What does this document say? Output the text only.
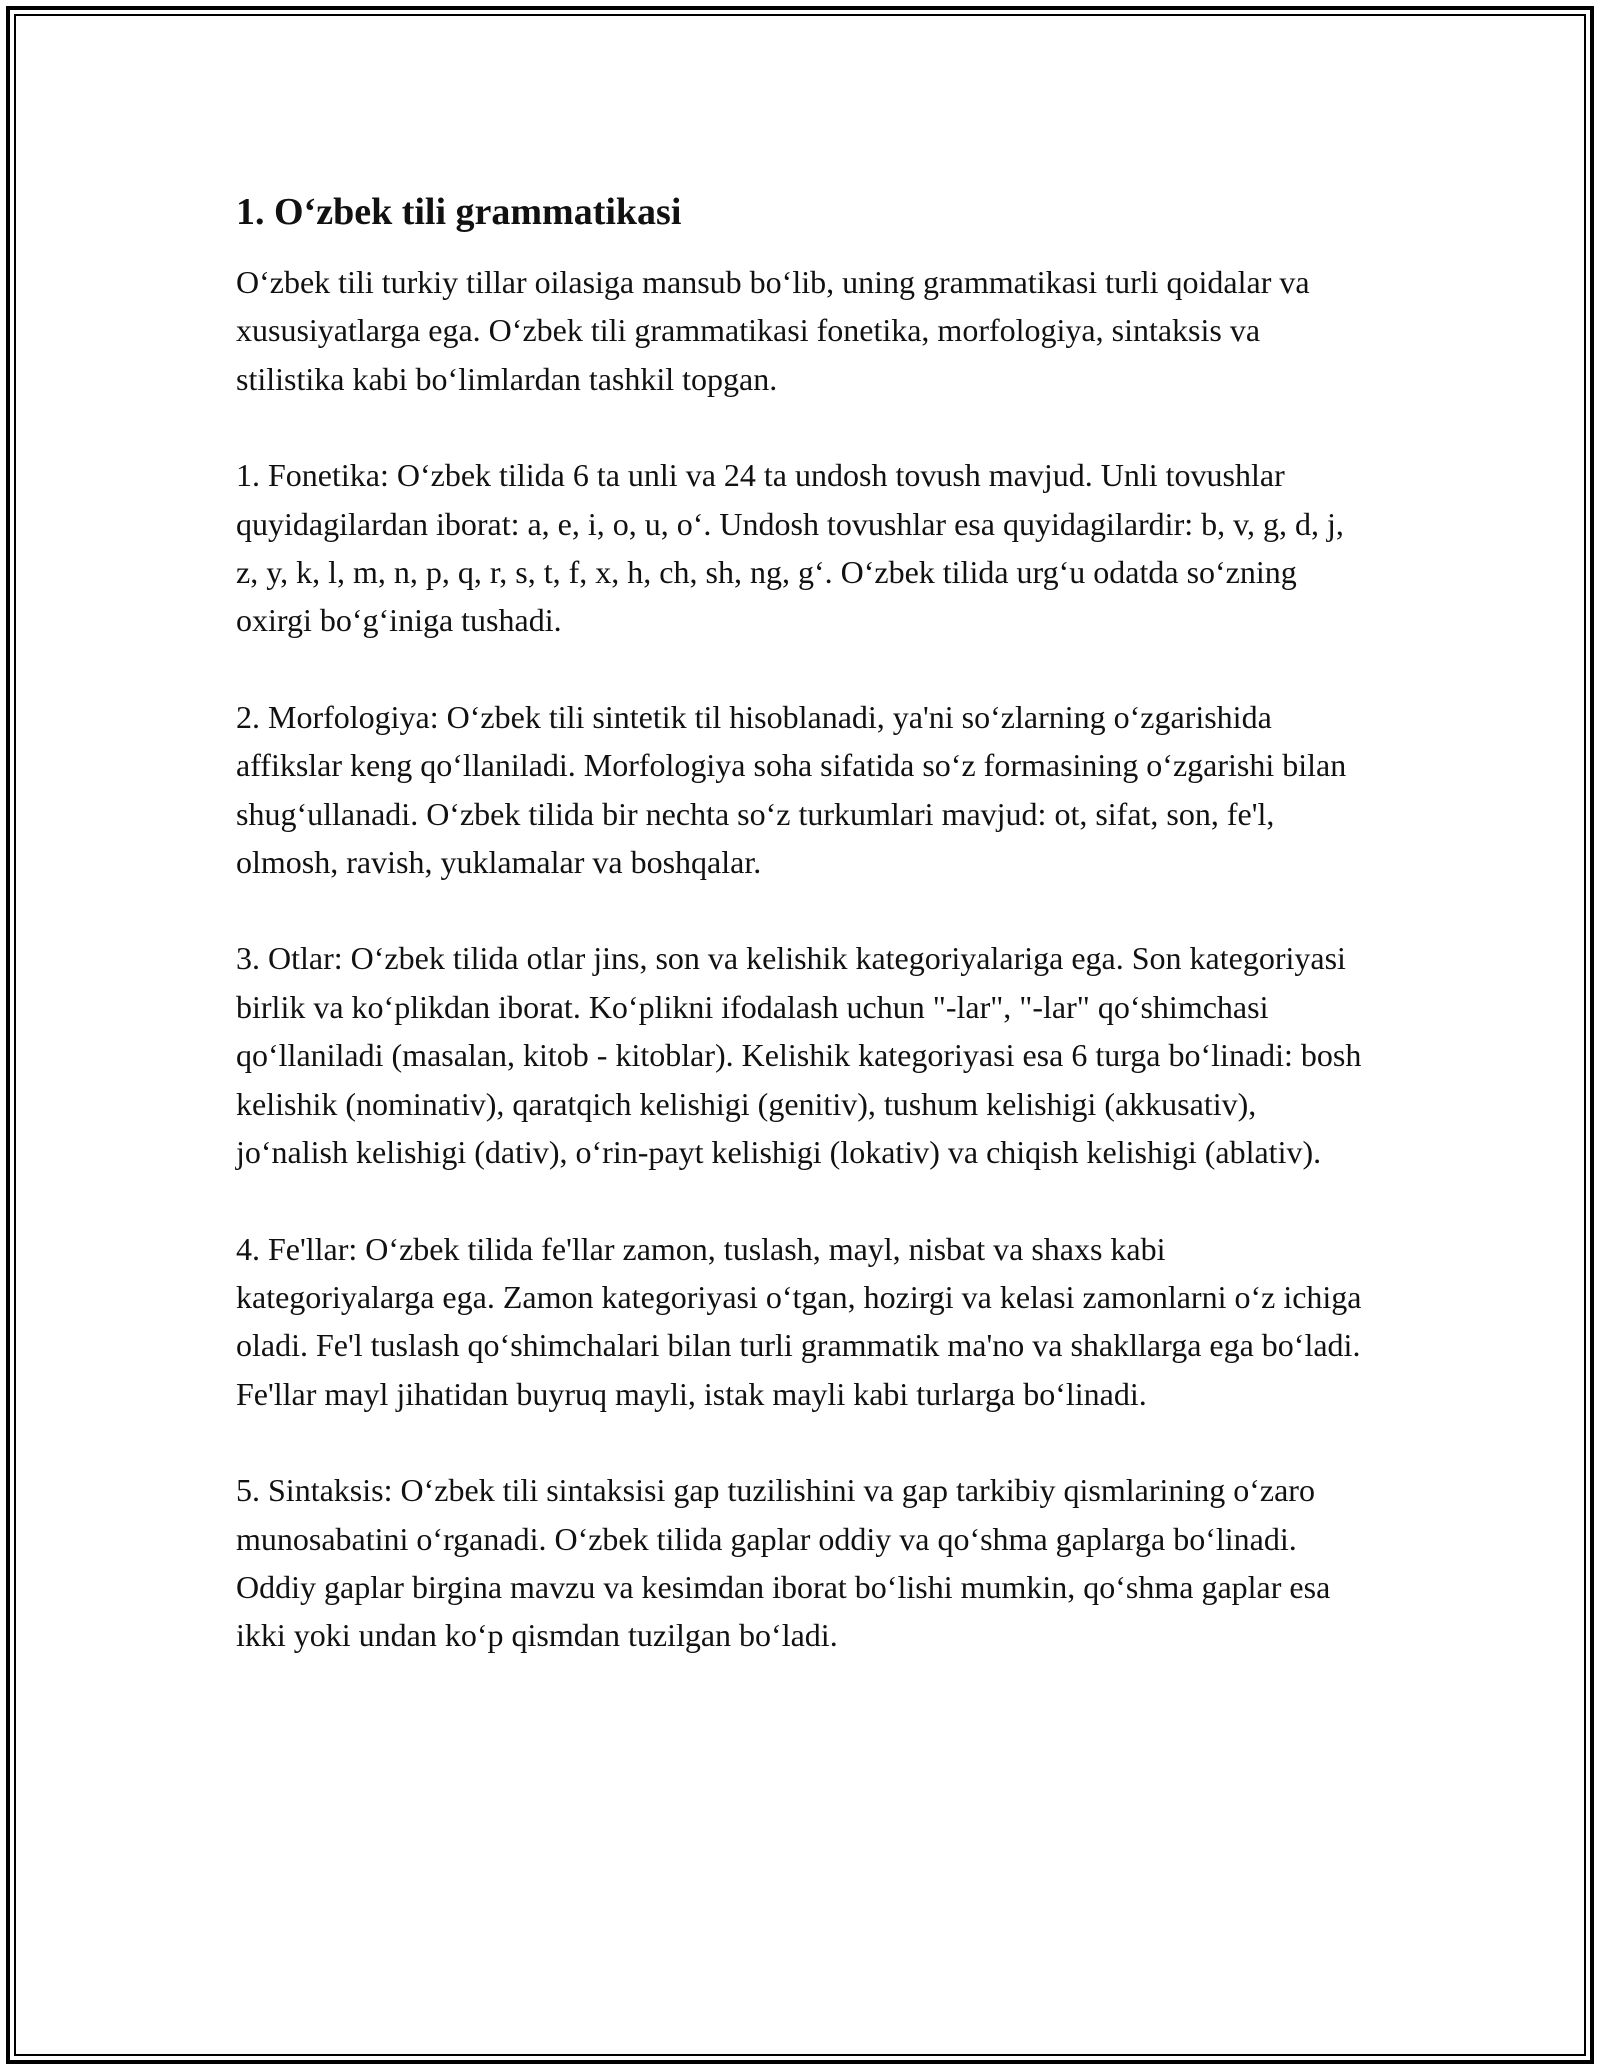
1. O‘zbek tili grammatikasi

O‘zbek tili turkiy tillar oilasiga mansub bo‘lib, uning grammatikasi turli qoidalar va xususiyatlarga ega. O‘zbek tili grammatikasi fonetika, morfologiya, sintaksis va stilistika kabi bo‘limlardan tashkil topgan.

1. Fonetika: O‘zbek tilida 6 ta unli va 24 ta undosh tovush mavjud. Unli tovushlar quyidagilardan iborat: a, e, i, o, u, o‘. Undosh tovushlar esa quyidagilardir: b, v, g, d, j, z, y, k, l, m, n, p, q, r, s, t, f, x, h, ch, sh, ng, g‘. O‘zbek tilida urg‘u odatda so‘zning oxirgi bo‘g‘iniga tushadi.

2. Morfologiya: O‘zbek tili sintetik til hisoblanadi, ya'ni so‘zlarning o‘zgarishida affikslar keng qo‘llaniladi. Morfologiya soha sifatida so‘z formasining o‘zgarishi bilan shug‘ullanadi. O‘zbek tilida bir nechta so‘z turkumlari mavjud: ot, sifat, son, fe'l, olmosh, ravish, yuklamalar va boshqalar.

3. Otlar: O‘zbek tilida otlar jins, son va kelishik kategoriyalariga ega. Son kategoriyasi birlik va ko‘plikdan iborat. Ko‘plikni ifodalash uchun "-lar", "-lar" qo‘shimchasi qo‘llaniladi (masalan, kitob - kitoblar). Kelishik kategoriyasi esa 6 turga bo‘linadi: bosh kelishik (nominativ), qaratqich kelishigi (genitiv), tushum kelishigi (akkusativ), jo‘nalish kelishigi (dativ), o‘rin-payt kelishigi (lokativ) va chiqish kelishigi (ablativ).

4. Fe'llar: O‘zbek tilida fe'llar zamon, tuslash, mayl, nisbat va shaxs kabi kategoriyalarga ega. Zamon kategoriyasi o‘tgan, hozirgi va kelasi zamonlarni o‘z ichiga oladi. Fe'l tuslash qo‘shimchalari bilan turli grammatik ma'no va shakllarga ega bo‘ladi. Fe'llar mayl jihatidan buyruq mayli, istak mayli kabi turlarga bo‘linadi.

5. Sintaksis: O‘zbek tili sintaksisi gap tuzilishini va gap tarkibiy qismlarining o‘zaro munosabatini o‘rganadi. O‘zbek tilida gaplar oddiy va qo‘shma gaplarga bo‘linadi. Oddiy gaplar birgina mavzu va kesimdan iborat bo‘lishi mumkin, qo‘shma gaplar esa ikki yoki undan ko‘p qismdan tuzilgan bo‘ladi.
